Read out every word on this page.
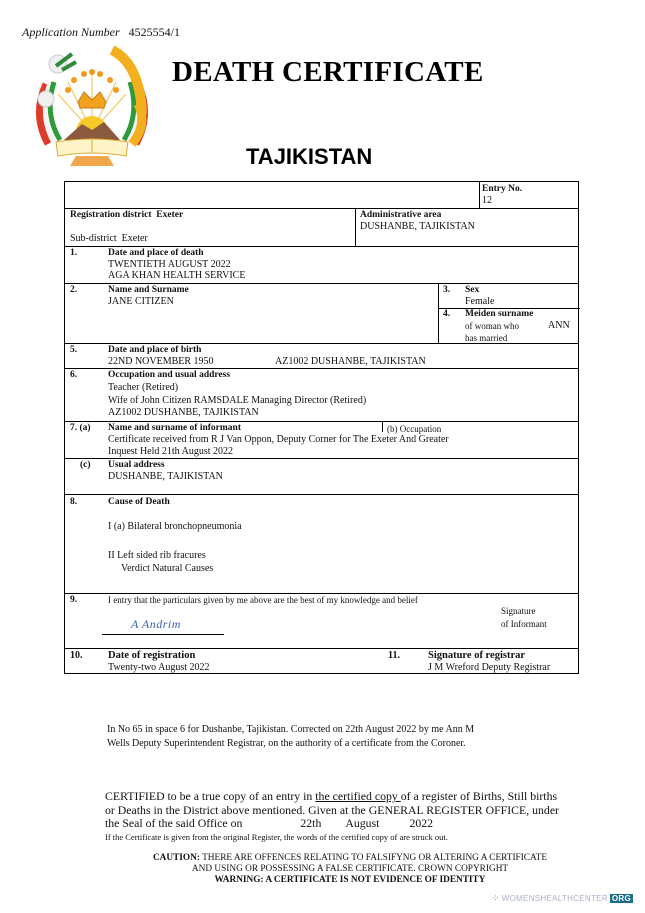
Application Number 4525554/1
DEATH CERTIFICATE
TAJIKISTAN
Entry No.
12
Registration district Exeter
Sub-district Exeter
Administrative area
DUSHANBE, TAJIKISTAN
1.	Date and place of death
TWENTIETH AUGUST 2022
AGA KHAN HEALTH SERVICE
2.	Name and Surname
JANE CITIZEN
3. Sex
Female
4. Meiden surname
of woman who
has married
ANN
5.	Date and place of birth
22ND NOVEMBER 1950	AZ1002 DUSHANBE, TAJIKISTAN
6.	Occupation and usual address
Teacher (Retired)
Wife of John Citizen RAMSDALE Managing Director (Retired)
AZ1002 DUSHANBE, TAJIKISTAN
7. (a) Name and surname of informant	(b) Occupation
Certificate received from R J Van Oppon, Deputy Corner for The Exeter And Greater
Inquest Held 21th August 2022
(c) Usual address
DUSHANBE, TAJIKISTAN
8.	Cause of Death
I (a) Bilateral bronchopneumonia
II Left sided rib fracures
Verdict Natural Causes
9.	I entry that the particulars given by me above are the best of my knowledge and belief
A Andrim
Signature
of Informant
10. Date of registration
Twenty-two August 2022
11.	Signature of registrar
J M Wreford Deputy Registrar
In No 65 in space 6 for Dushanbe, Tajikistan. Corrected on 22th August 2022 by me Ann M
Wells Deputy Superintendent Registrar, on the authority of a certificate from the Coroner.
CERTIFIED to be a true copy of an entry in the certified copy of a register of Births, Still births
or Deaths in the District above mentioned. Given at the GENERAL REGISTER OFFICE, under
the Seal of the said Office on	22th August	2022
If the Certificate is given from the original Register, the words of the certified copy of are struck out.
CAUTION: THERE ARE OFFENCES RELATING TO FALSIFYNG OR ALTERING A CERTIFICATE
AND USING OR POSSESSING A FALSE CERTIFICATE. CROWN COPYRIGHT
WARNING: A CERTIFICATE IS NOT EVIDENCE OF IDENTITY
⁘ WOMENSHEALTHCENTER ORG
